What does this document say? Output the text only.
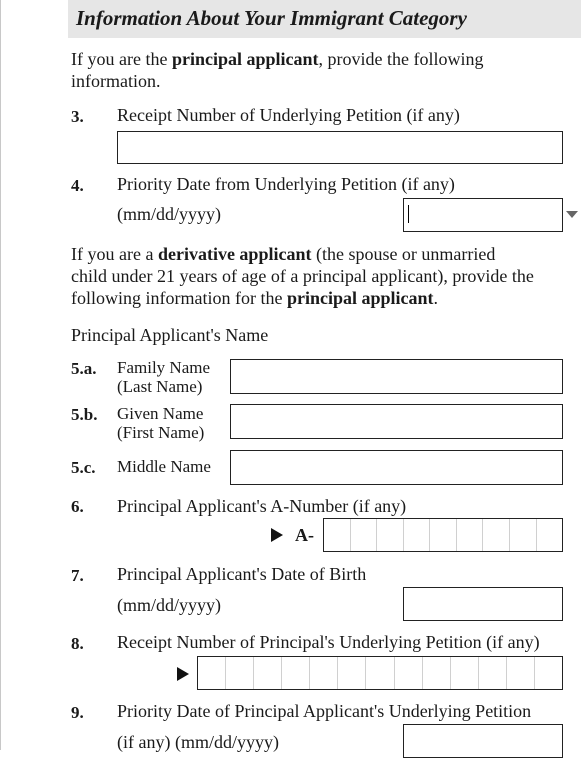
Information About Your Immigrant Category
If you are the principal applicant, provide the following
information.
3. Receipt Number of Underlying Petition (if any)
4. Priority Date from Underlying Petition (if any)
(mm/dd/yyyy)
If you are a derivative applicant (the spouse or unmarried
child under 21 years of age of a principal applicant), provide the
following information for the principal applicant.
Principal Applicant's Name
5.a. Family Name
(Last Name)
5.b. Given Name
(First Name)
5.c. Middle Name
6. Principal Applicant's A-Number (if any)
A-
7. Principal Applicant's Date of Birth
(mm/dd/yyyy)
8. Receipt Number of Principal's Underlying Petition (if any)
9. Priority Date of Principal Applicant's Underlying Petition
(if any) (mm/dd/yyyy)
